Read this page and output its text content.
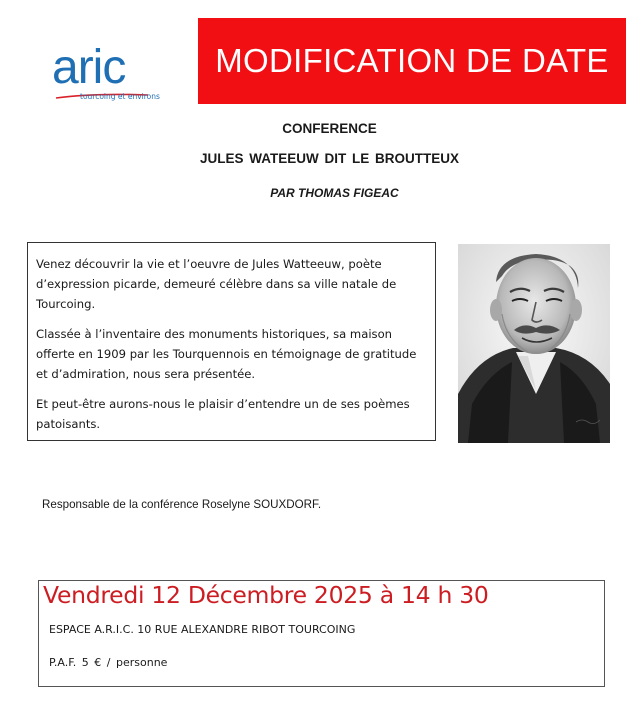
aric
tourcoing et environs
MODIFICATION DE DATE
CONFERENCE
JULES WATEEUW DIT LE BROUTTEUX
PAR THOMAS FIGEAC

Venez découvrir la vie et l’oeuvre de Jules Watteeuw, poète d’expression picarde, demeuré célèbre dans sa ville natale de Tourcoing.

Classée à l’inventaire des monuments historiques, sa maison offerte en 1909 par les Tourquennois en témoignage de gratitude et d’admiration, nous sera présentée.

Et peut-être aurons-nous le plaisir d’entendre un de ses poèmes patoisants.

Responsable de la conférence Roselyne SOUXDORF.
Vendredi 12 Décembre 2025 à 14 h 30
ESPACE A.R.I.C. 10 RUE ALEXANDRE RIBOT TOURCOING
P.A.F. 5 € / personne
